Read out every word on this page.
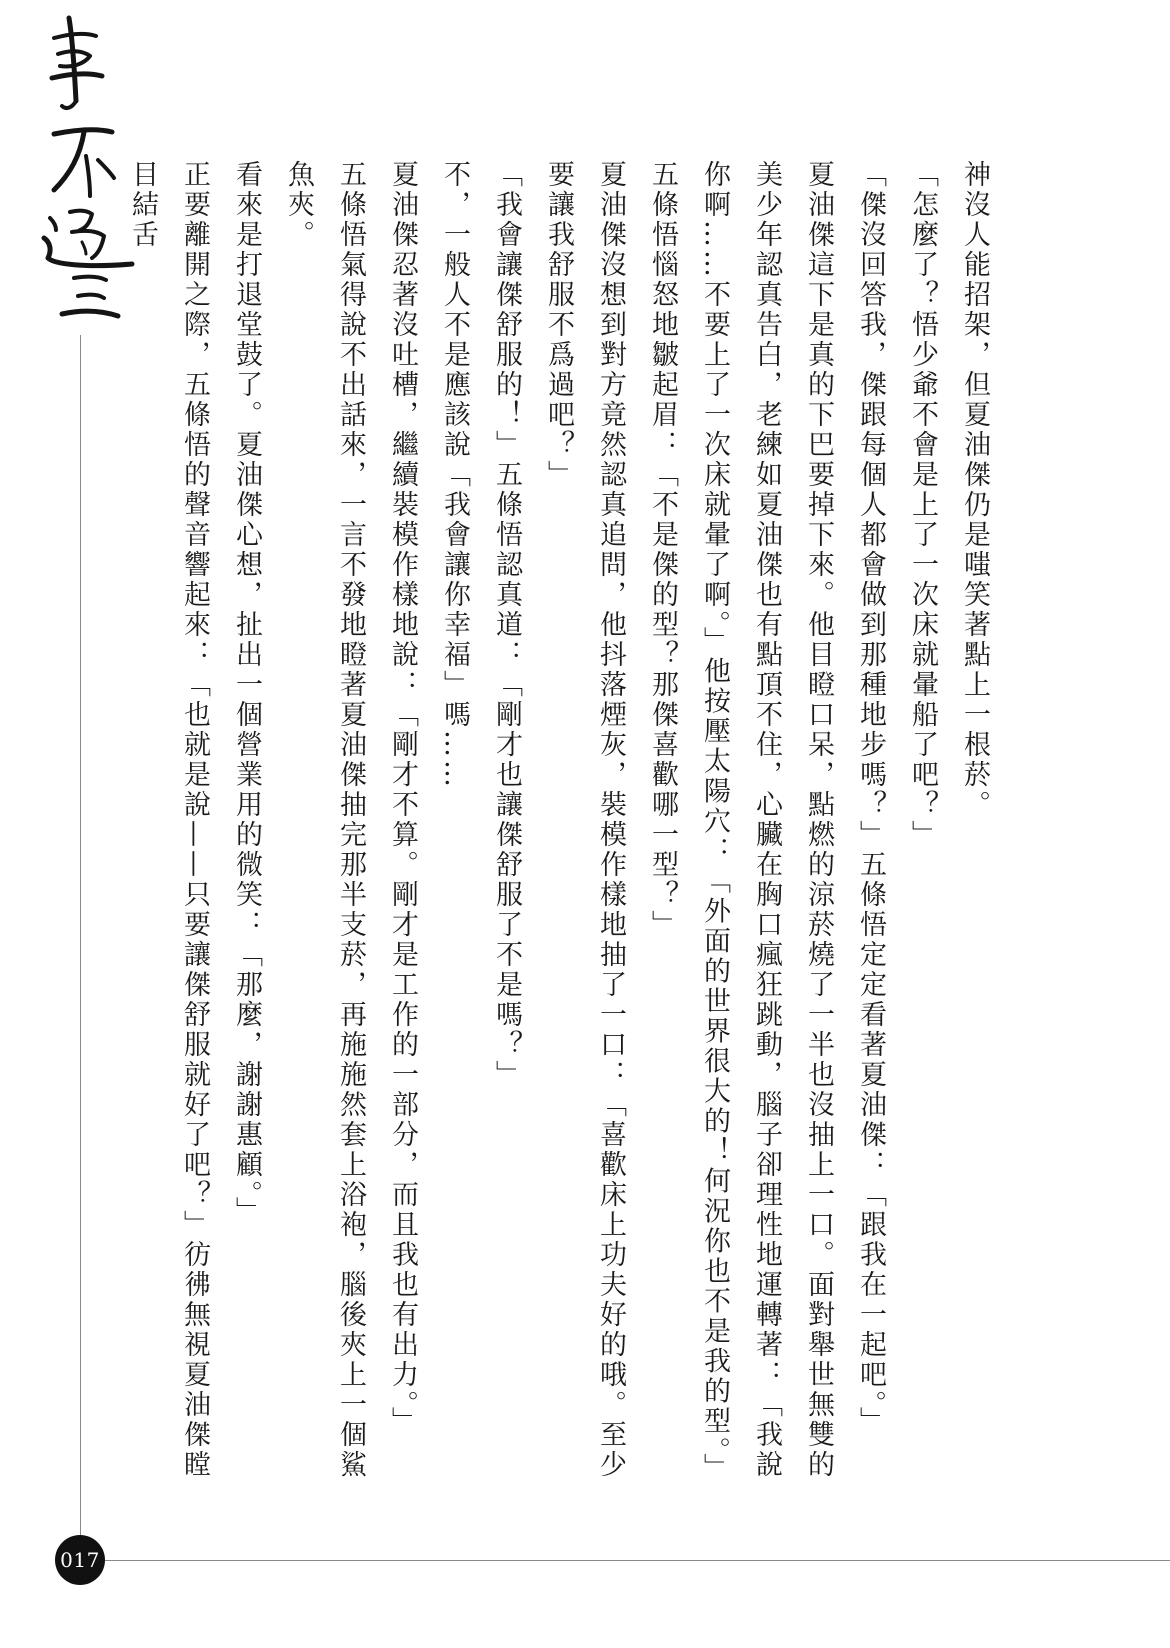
神沒人能招架，但夏油傑仍是嗤笑著點上一根菸。

「怎麼了？悟少爺不會是上了一次床就暈船了吧？」

「傑沒回答我，傑跟每個人都會做到那種地步嗎？」五條悟定定看著夏油傑：「跟我在一起吧。」

夏油傑這下是真的下巴要掉下來。他目瞪口呆，點燃的涼菸燒了一半也沒抽上一口。面對舉世無雙的美少年認真告白，老練如夏油傑也有點頂不住，心臟在胸口瘋狂跳動，腦子卻理性地運轉著：「我說你啊……不要上了一次床就暈了啊。」他按壓太陽穴：「外面的世界很大的！何況你也不是我的型。」

五條悟惱怒地皺起眉：「不是傑的型？那傑喜歡哪一型？」

夏油傑沒想到對方竟然認真追問，他抖落煙灰，裝模作樣地抽了一口：「喜歡床上功夫好的哦。至少要讓我舒服不爲過吧？」

「我會讓傑舒服的！」五條悟認真道：「剛才也讓傑舒服了不是嗎？」

不，一般人不是應該說「我會讓你幸福」嗎……

夏油傑忍著沒吐槽，繼續裝模作樣地說：「剛才不算。剛才是工作的一部分，而且我也有出力。」

五條悟氣得說不出話來，一言不發地瞪著夏油傑抽完那半支菸，再施施然套上浴袍，腦後夾上一個鯊魚夾。

看來是打退堂鼓了。夏油傑心想，扯出一個營業用的微笑：「那麼，謝謝惠顧。」

正要離開之際，五條悟的聲音響起來：「也就是說——只要讓傑舒服就好了吧？」彷彿無視夏油傑瞠目結舌

017
